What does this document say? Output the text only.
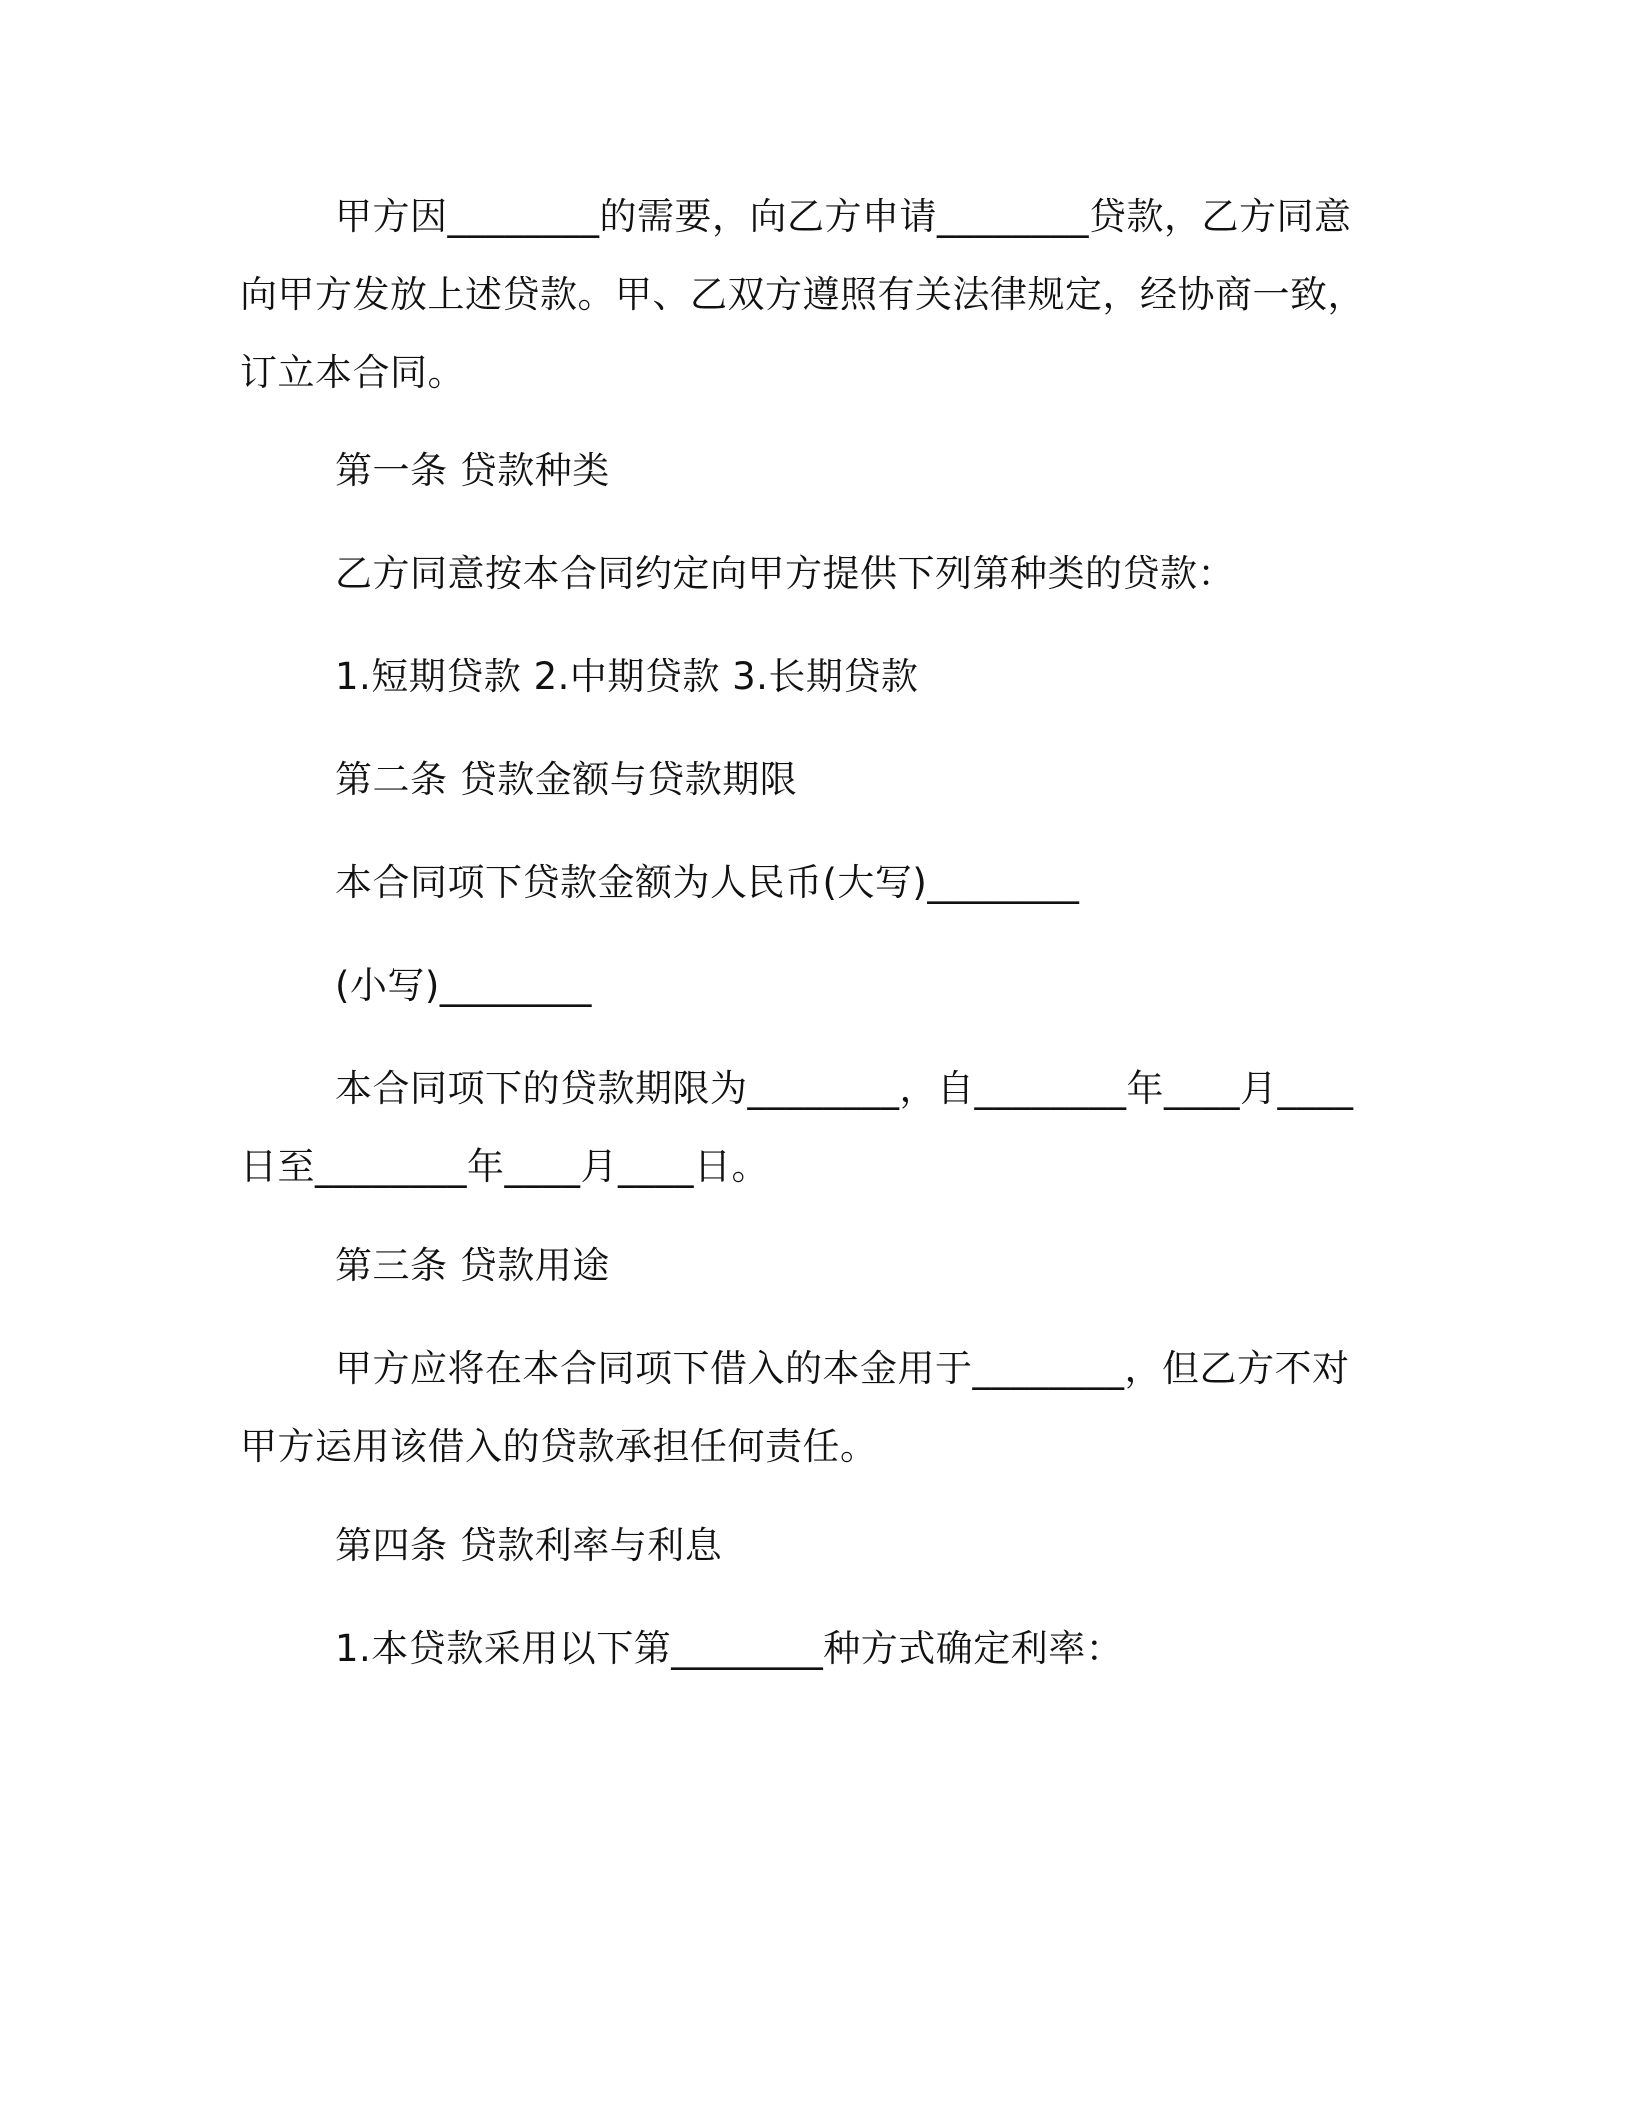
甲方因________的需要，向乙方申请________贷款，乙方同意向甲方发放上述贷款。甲、乙双方遵照有关法律规定，经协商一致，订立本合同。

第一条 贷款种类

乙方同意按本合同约定向甲方提供下列第种类的贷款：

1.短期贷款 2.中期贷款 3.长期贷款

第二条 贷款金额与贷款期限

本合同项下贷款金额为人民币(大写)________

(小写)________

本合同项下的贷款期限为________，自________年____月____日至________年____月____日。

第三条 贷款用途

甲方应将在本合同项下借入的本金用于________，但乙方不对甲方运用该借入的贷款承担任何责任。

第四条 贷款利率与利息

1.本贷款采用以下第________种方式确定利率：
